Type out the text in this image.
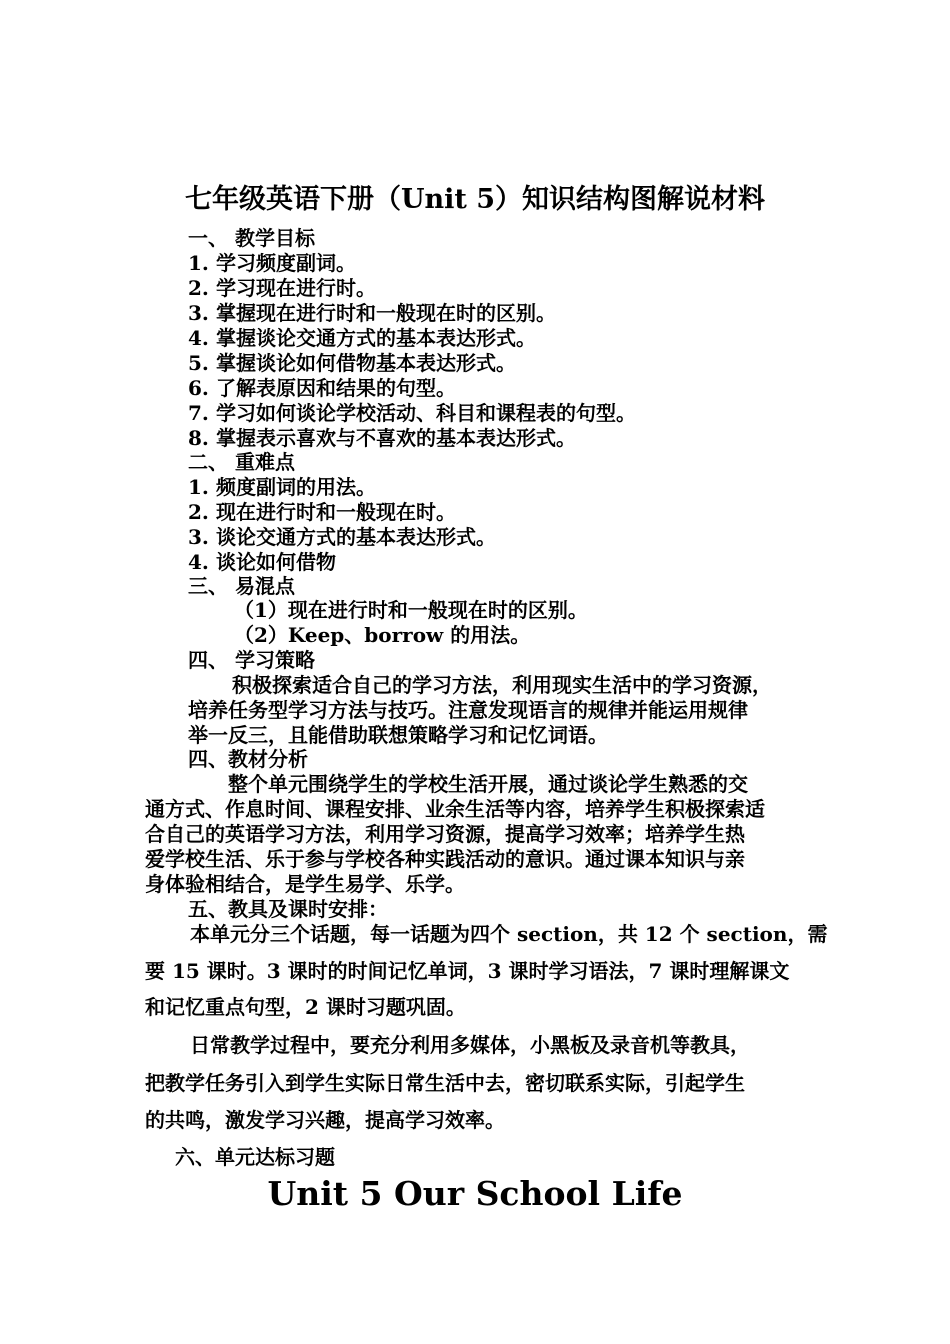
七年级英语下册（Unit 5）知识结构图解说材料
一、 教学目标
1. 学习频度副词。
2. 学习现在进行时。
3. 掌握现在进行时和一般现在时的区别。
4. 掌握谈论交通方式的基本表达形式。
5. 掌握谈论如何借物基本表达形式。
6. 了解表原因和结果的句型。
7. 学习如何谈论学校活动、科目和课程表的句型。
8. 掌握表示喜欢与不喜欢的基本表达形式。
二、 重难点
1. 频度副词的用法。
2. 现在进行时和一般现在时。
3. 谈论交通方式的基本表达形式。
4. 谈论如何借物
三、 易混点
（1）现在进行时和一般现在时的区别。
（2）Keep、borrow 的用法。
四、 学习策略
积极探索适合自己的学习方法，利用现实生活中的学习资源，
培养任务型学习方法与技巧。注意发现语言的规律并能运用规律
举一反三，且能借助联想策略学习和记忆词语。
四、教材分析
整个单元围绕学生的学校生活开展，通过谈论学生熟悉的交
通方式、作息时间、课程安排、业余生活等内容，培养学生积极探索适
合自己的英语学习方法，利用学习资源，提高学习效率；培养学生热
爱学校生活、乐于参与学校各种实践活动的意识。通过课本知识与亲
身体验相结合，是学生易学、乐学。
五、教具及课时安排：
本单元分三个话题，每一话题为四个 section，共 12 个 section，需
要 15 课时。3 课时的时间记忆单词，3 课时学习语法，7 课时理解课文
和记忆重点句型，2 课时习题巩固。
日常教学过程中，要充分利用多媒体，小黑板及录音机等教具，
把教学任务引入到学生实际日常生活中去，密切联系实际，引起学生
的共鸣，激发学习兴趣，提高学习效率。
六、单元达标习题
Unit 5 Our School Life
